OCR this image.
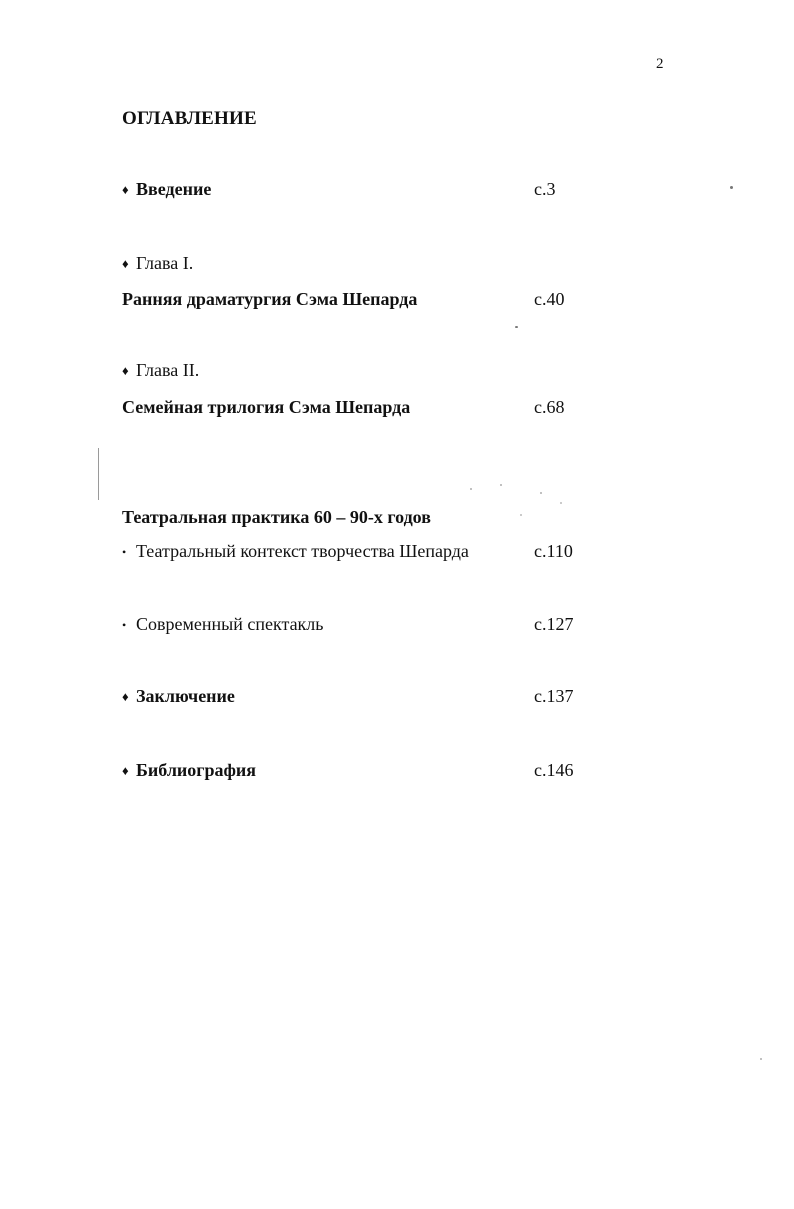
2
ОГЛАВЛЕНИЕ
♦ Введение	с.3
♦ Глава I.
Ранняя драматургия Сэма Шепарда	с.40
♦ Глава II.
Семейная трилогия Сэма Шепарда	с.68
Театральная практика 60 – 90-х годов
• Театральный контекст творчества Шепарда	с.110
• Современный спектакль	с.127
♦ Заключение	с.137
♦ Библиография	с.146
